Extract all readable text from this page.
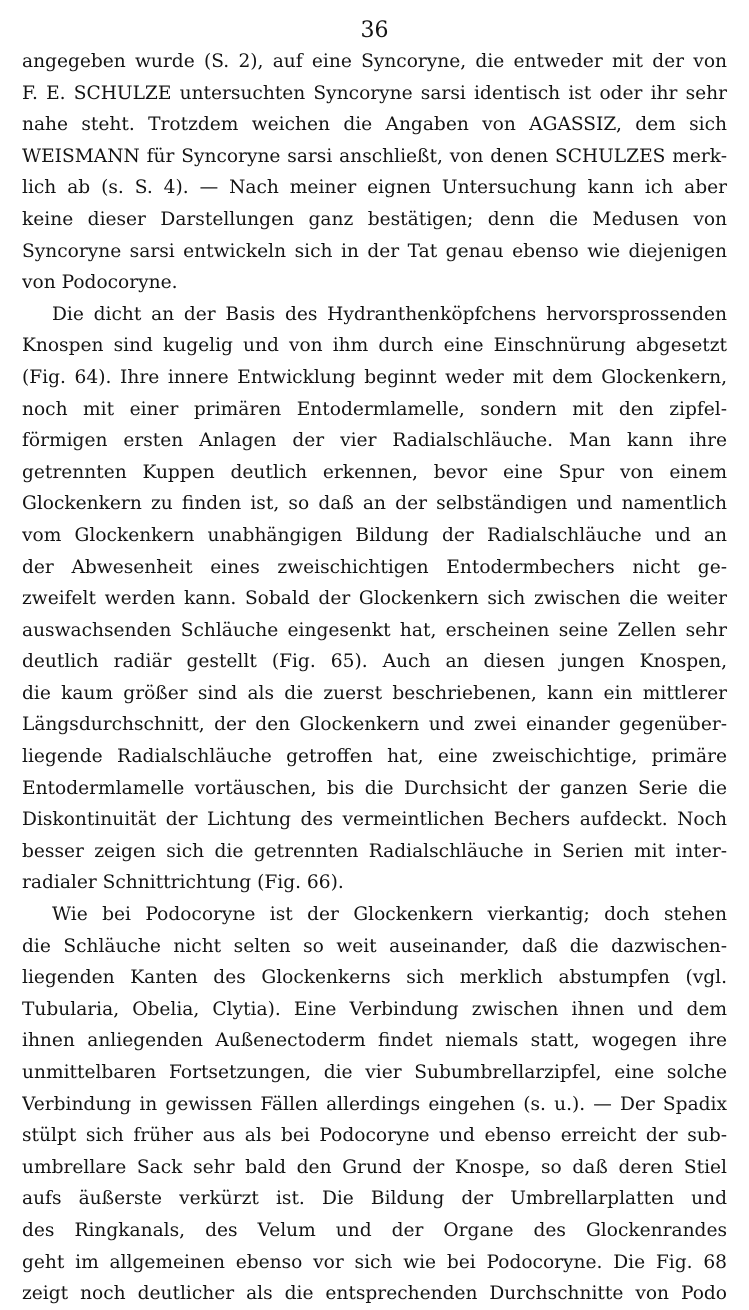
36
angegeben wurde (S. 2), auf eine Syncoryne, die entweder mit der von
F. E. SCHULZE untersuchten Syncoryne sarsi identisch ist oder ihr sehr
nahe steht. Trotzdem weichen die Angaben von AGASSIZ, dem sich
WEISMANN für Syncoryne sarsi anschließt, von denen SCHULZES merk-
lich ab (s. S. 4). — Nach meiner eignen Untersuchung kann ich aber
keine dieser Darstellungen ganz bestätigen; denn die Medusen von
Syncoryne sarsi entwickeln sich in der Tat genau ebenso wie diejenigen
von Podocoryne.
Die dicht an der Basis des Hydranthenköpfchens hervorsprossenden
Knospen sind kugelig und von ihm durch eine Einschnürung abgesetzt
(Fig. 64). Ihre innere Entwicklung beginnt weder mit dem Glockenkern,
noch mit einer primären Entodermlamelle, sondern mit den zipfel-
förmigen ersten Anlagen der vier Radialschläuche. Man kann ihre
getrennten Kuppen deutlich erkennen, bevor eine Spur von einem
Glockenkern zu finden ist, so daß an der selbständigen und namentlich
vom Glockenkern unabhängigen Bildung der Radialschläuche und an
der Abwesenheit eines zweischichtigen Entodermbechers nicht ge-
zweifelt werden kann. Sobald der Glockenkern sich zwischen die weiter
auswachsenden Schläuche eingesenkt hat, erscheinen seine Zellen sehr
deutlich radiär gestellt (Fig. 65). Auch an diesen jungen Knospen,
die kaum größer sind als die zuerst beschriebenen, kann ein mittlerer
Längsdurchschnitt, der den Glockenkern und zwei einander gegenüber-
liegende Radialschläuche getroffen hat, eine zweischichtige, primäre
Entodermlamelle vortäuschen, bis die Durchsicht der ganzen Serie die
Diskontinuität der Lichtung des vermeintlichen Bechers aufdeckt. Noch
besser zeigen sich die getrennten Radialschläuche in Serien mit inter-
radialer Schnittrichtung (Fig. 66).
Wie bei Podocoryne ist der Glockenkern vierkantig; doch stehen
die Schläuche nicht selten so weit auseinander, daß die dazwischen-
liegenden Kanten des Glockenkerns sich merklich abstumpfen (vgl.
Tubularia, Obelia, Clytia). Eine Verbindung zwischen ihnen und dem
ihnen anliegenden Außenectoderm findet niemals statt, wogegen ihre
unmittelbaren Fortsetzungen, die vier Subumbrellarzipfel, eine solche
Verbindung in gewissen Fällen allerdings eingehen (s. u.). — Der Spadix
stülpt sich früher aus als bei Podocoryne und ebenso erreicht der sub-
umbrellare Sack sehr bald den Grund der Knospe, so daß deren Stiel
aufs äußerste verkürzt ist. Die Bildung der Umbrellarplatten und
des Ringkanals, des Velum und der Organe des Glockenrandes
geht im allgemeinen ebenso vor sich wie bei Podocoryne. Die Fig. 68
zeigt noch deutlicher als die entsprechenden Durchschnitte von Podo
